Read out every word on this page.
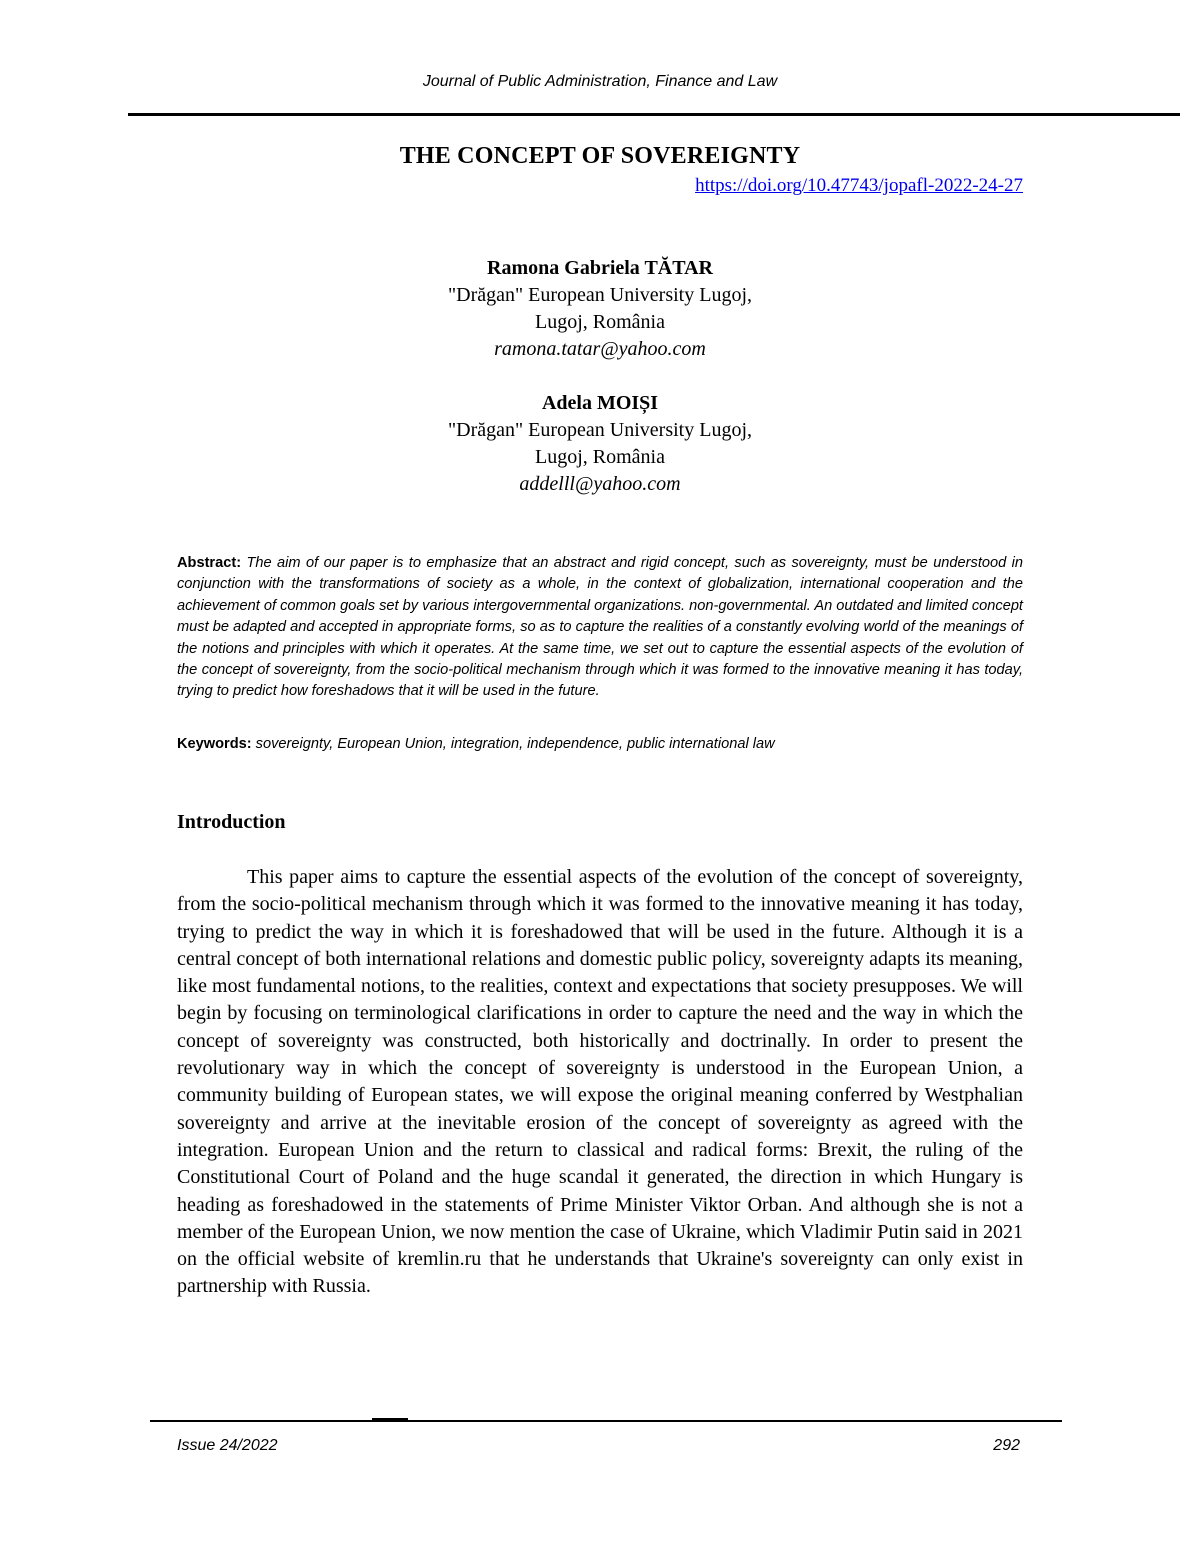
Journal of Public Administration, Finance and Law
THE CONCEPT OF SOVEREIGNTY
https://doi.org/10.47743/jopafl-2022-24-27
Ramona Gabriela TĂTAR
"Drăgan" European University Lugoj,
Lugoj, România
ramona.tatar@yahoo.com
Adela MOIȘI
"Drăgan" European University Lugoj,
Lugoj, România
addelll@yahoo.com
Abstract: The aim of our paper is to emphasize that an abstract and rigid concept, such as sovereignty, must be understood in conjunction with the transformations of society as a whole, in the context of globalization, international cooperation and the achievement of common goals set by various intergovernmental organizations. non-governmental. An outdated and limited concept must be adapted and accepted in appropriate forms, so as to capture the realities of a constantly evolving world of the meanings of the notions and principles with which it operates. At the same time, we set out to capture the essential aspects of the evolution of the concept of sovereignty, from the socio-political mechanism through which it was formed to the innovative meaning it has today, trying to predict how foreshadows that it will be used in the future.
Keywords: sovereignty, European Union, integration, independence, public international law
Introduction

This paper aims to capture the essential aspects of the evolution of the concept of sovereignty, from the socio-political mechanism through which it was formed to the innovative meaning it has today, trying to predict the way in which it is foreshadowed that will be used in the future. Although it is a central concept of both international relations and domestic public policy, sovereignty adapts its meaning, like most fundamental notions, to the realities, context and expectations that society presupposes. We will begin by focusing on terminological clarifications in order to capture the need and the way in which the concept of sovereignty was constructed, both historically and doctrinally. In order to present the revolutionary way in which the concept of sovereignty is understood in the European Union, a community building of European states, we will expose the original meaning conferred by Westphalian sovereignty and arrive at the inevitable erosion of the concept of sovereignty as agreed with the integration. European Union and the return to classical and radical forms: Brexit, the ruling of the Constitutional Court of Poland and the huge scandal it generated, the direction in which Hungary is heading as foreshadowed in the statements of Prime Minister Viktor Orban. And although she is not a member of the European Union, we now mention the case of Ukraine, which Vladimir Putin said in 2021 on the official website of kremlin.ru that he understands that Ukraine's sovereignty can only exist in partnership with Russia.

Issue 24/2022	292
